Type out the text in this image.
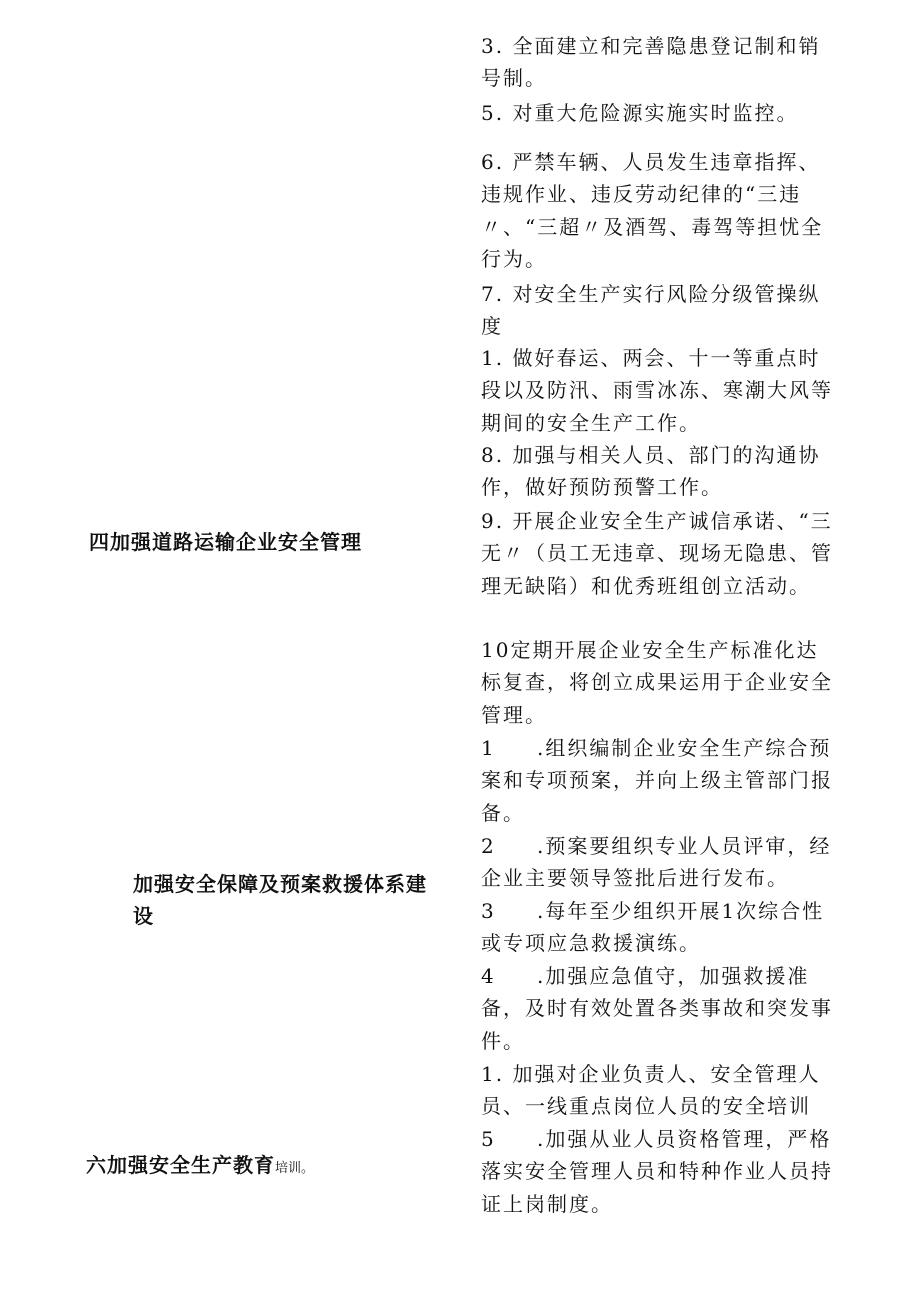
四加强道路运输企业安全管理
加强安全保障及预案救援体系建设
六加强安全生产教育培训。
3. 全面建立和完善隐患登记制和销号制。
5. 对重大危险源实施实时监控。
6. 严禁车辆、人员发生违章指挥、违规作业、违反劳动纪律的“三违〃、“三超〃及酒驾、毒驾等担忧全行为。
7. 对安全生产实行风险分级管操纵度
1. 做好春运、两会、十一等重点时段以及防汛、雨雪冰冻、寒潮大风等期间的安全生产工作。
8. 加强与相关人员、部门的沟通协作，做好预防预警工作。
9. 开展企业安全生产诚信承诺、“三无〃（员工无违章、现场无隐患、管理无缺陷）和优秀班组创立活动。
10定期开展企业安全生产标准化达标复查，将创立成果运用于企业安全管理。
1 .组织编制企业安全生产综合预案和专项预案，并向上级主管部门报备。
2 .预案要组织专业人员评审，经企业主要领导签批后进行发布。
3 .每年至少组织开展1次综合性或专项应急救援演练。
4 .加强应急值守，加强救援准备，及时有效处置各类事故和突发事件。
1. 加强对企业负责人、安全管理人员、一线重点岗位人员的安全培训
5 .加强从业人员资格管理，严格落实安全管理人员和特种作业人员持证上岗制度。
